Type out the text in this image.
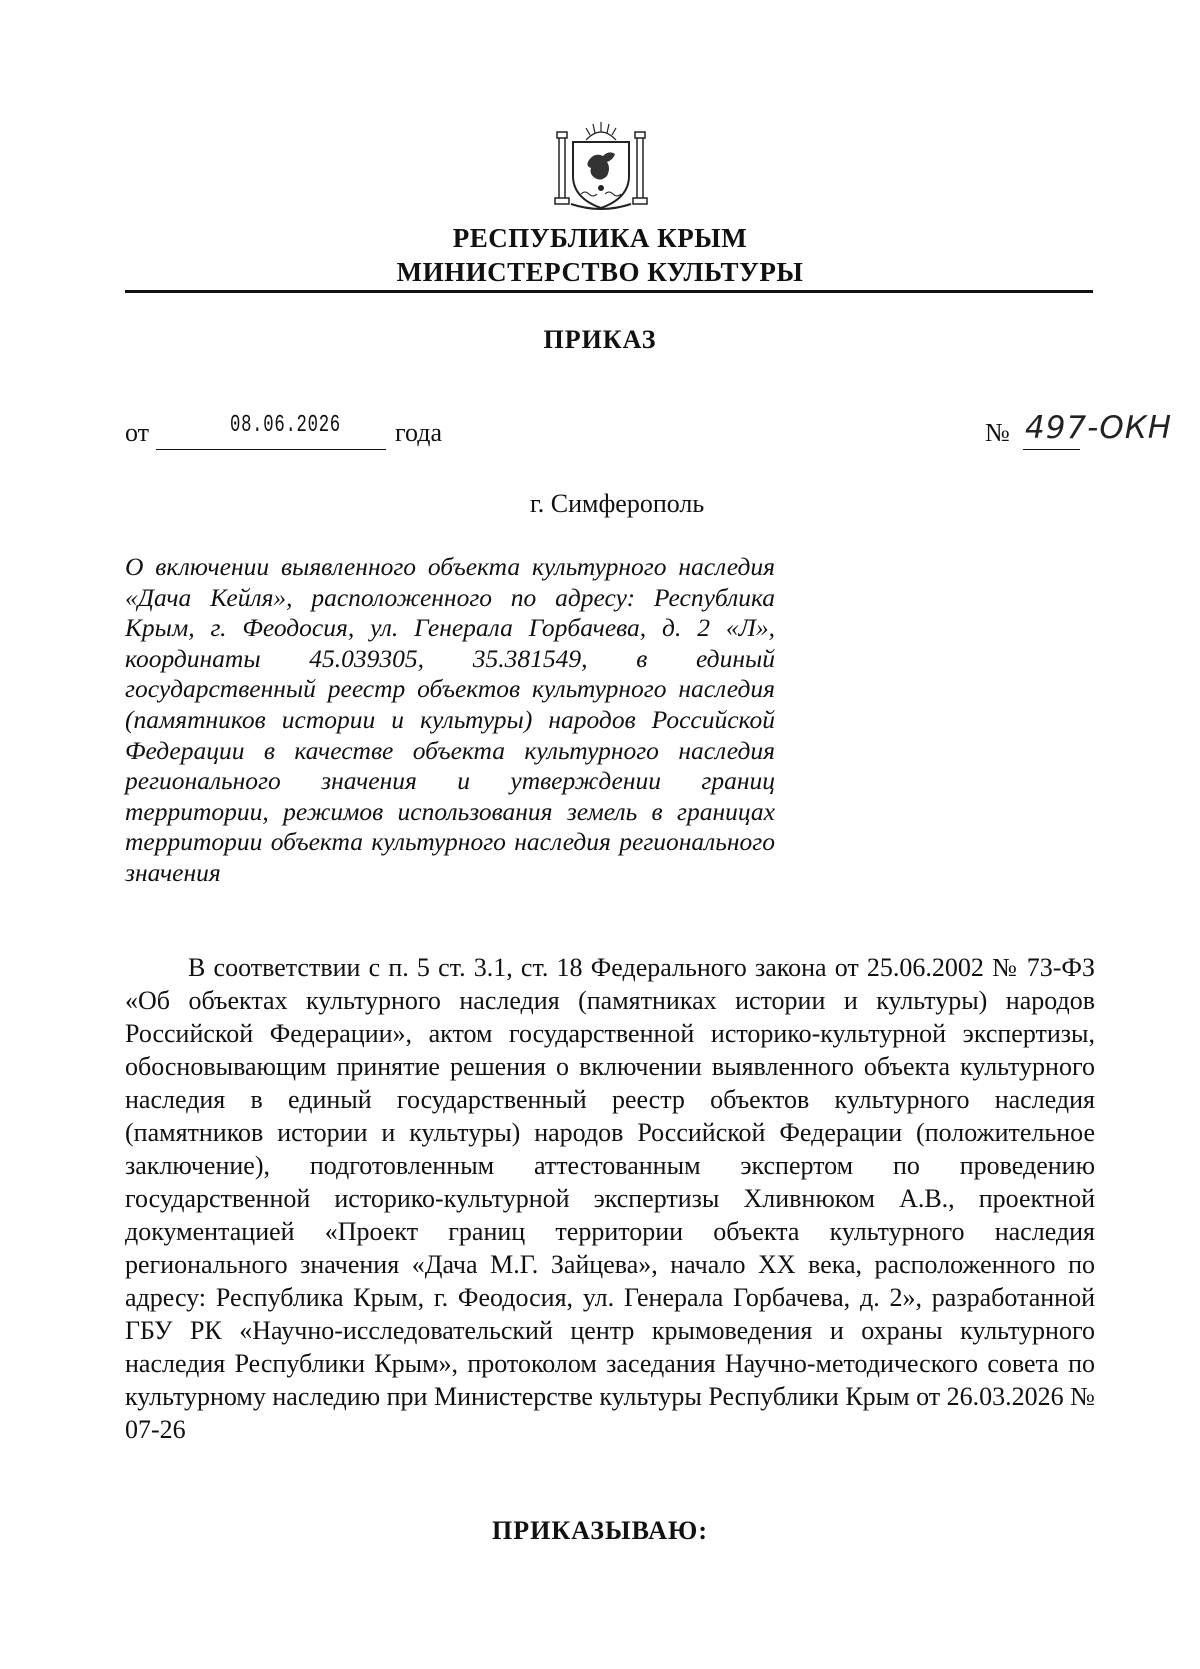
РЕСПУБЛИКА КРЫМ
МИНИСТЕРСТВО КУЛЬТУРЫ
ПРИКАЗ
от	08.06.2026 года	№ 497-ОКН
г. Симферополь
О включении выявленного объекта культурного наследия «Дача Кейля», расположенного по адресу: Республика Крым, г. Феодосия, ул. Генерала Горбачева, д. 2 «Л», координаты 45.039305, 35.381549, в единый государственный реестр объектов культурного наследия (памятников истории и культуры) народов Российской Федерации в качестве объекта культурного наследия регионального значения и утверждении границ территории, режимов использования земель в границах территории объекта культурного наследия регионального значения
В соответствии с п. 5 ст. 3.1, ст. 18 Федерального закона от 25.06.2002 № 73-ФЗ «Об объектах культурного наследия (памятниках истории и культуры) народов Российской Федерации», актом государственной историко-культурной экспертизы, обосновывающим принятие решения о включении выявленного объекта культурного наследия в единый государственный реестр объектов культурного наследия (памятников истории и культуры) народов Российской Федерации (положительное заключение), подготовленным аттестованным экспертом по проведению государственной историко-культурной экспертизы Хливнюком А.В., проектной документацией «Проект границ территории объекта культурного наследия регионального значения «Дача М.Г. Зайцева», начало XX века, расположенного по адресу: Республика Крым, г. Феодосия, ул. Генерала Горбачева, д. 2», разработанной ГБУ РК «Научно-исследовательский центр крымоведения и охраны культурного наследия Республики Крым», протоколом заседания Научно-методического совета по культурному наследию при Министерстве культуры Республики Крым от 26.03.2026 № 07-26
ПРИКАЗЫВАЮ:
